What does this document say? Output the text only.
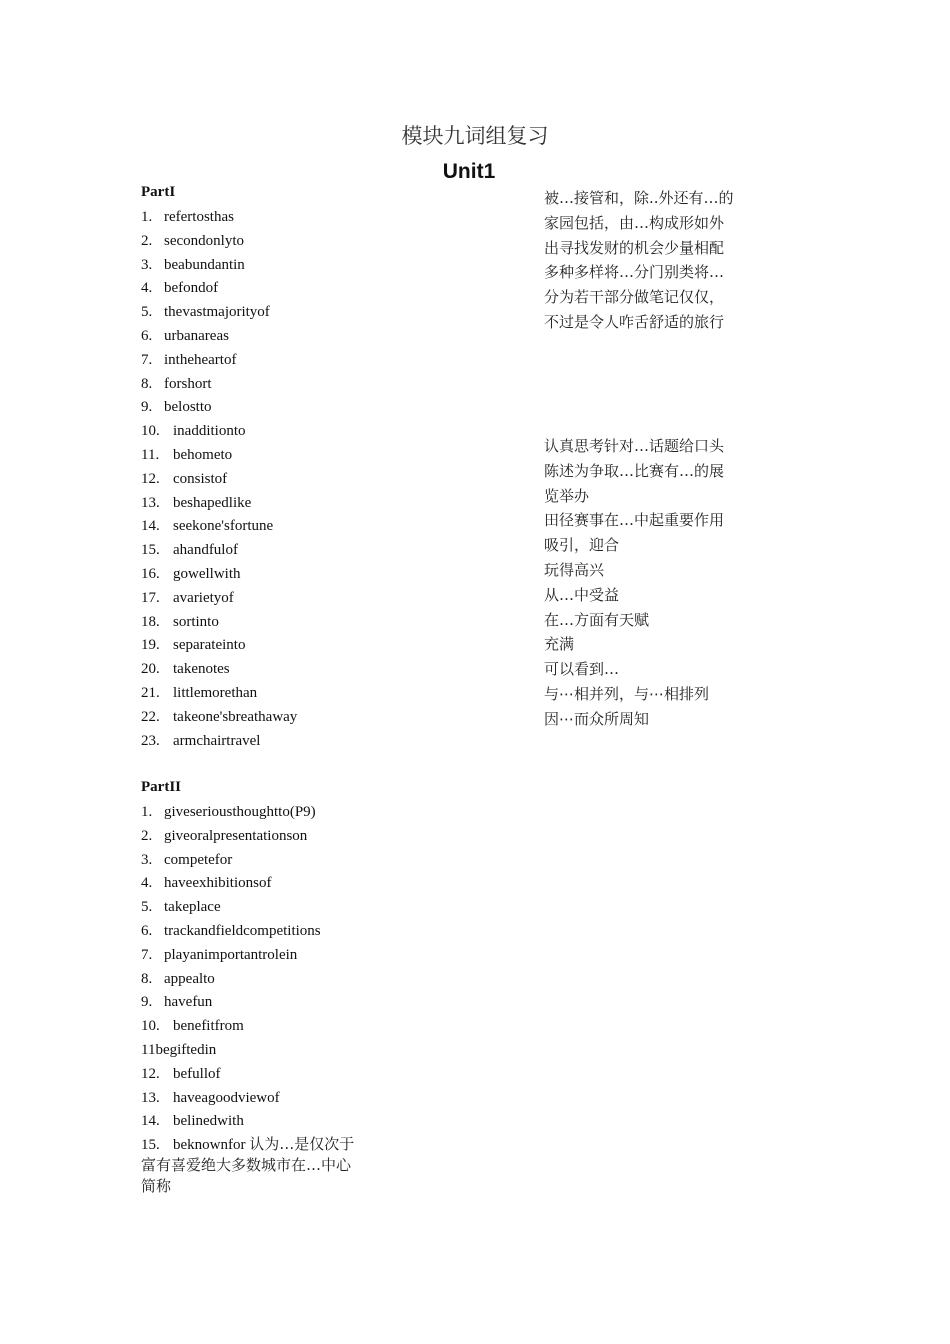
模块九词组复习
Unit1
PartI
1. refertosthas
2. secondonlyto
3. beabundantin
4. befondof
5. thevastmajorityof
6. urbanareas
7. intheheartof
8. forshort
9. belostto
10. inadditionto
11. behometo
12. consistof
13. beshapedlike
14. seekone'sfortune
15. ahandfulof
16. gowellwith
17. avarietyof
18. sortinto
19. separateinto
20. takenotes
21. littlemorethan
22. takeone'sbreathaway
23. armchairtravel
PartII
1. giveseriousthoughtto(P9)
2. giveoralpresentationson
3. competefor
4. haveexhibitionsof
5. takeplace
6. trackandfieldcompetitions
7. playanimportantrolein
8. appealto
9. havefun
10. benefitfrom
11begiftedin
12. befullof
13. haveagoodviewof
14. belinedwith
15. beknownfor 认为…是仅次于富有喜爱绝大多数城市在…中心简称

被…接管和，除..外还有…的家园包括，由…构成形如外出寻找发财的机会少量相配多种多样将…分门别类将…分为若干部分做笔记仅仅，不过是令人咋舌舒适的旅行

认真思考针对…话题给口头陈述为争取…比赛有…的展览举办

田径赛事在…中起重要作用吸引，迎合

玩得高兴

从…中受益

在…方面有天赋

充满

可以看到…

与⋯相并列，与⋯相排列

因⋯而众所周知
